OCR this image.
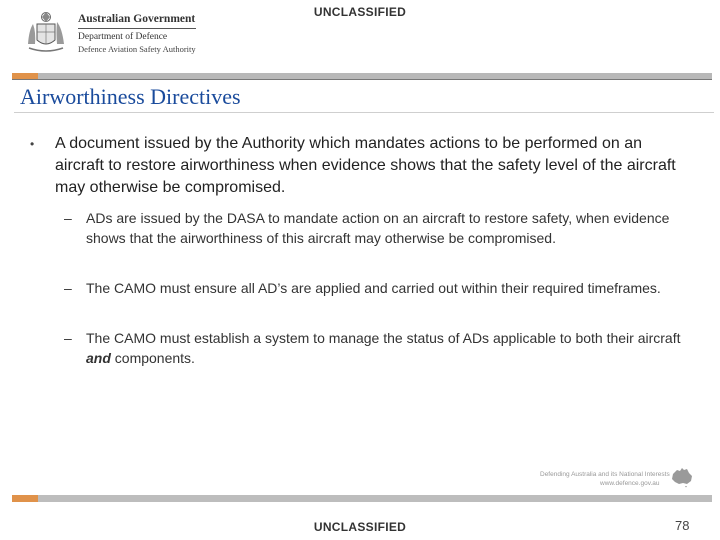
UNCLASSIFIED
Australian Government
Department of Defence
Defence Aviation Safety Authority
Airworthiness Directives
• A document issued by the Authority which mandates actions to be performed on an aircraft to restore airworthiness when evidence shows that the safety level of the aircraft may otherwise be compromised.
– ADs are issued by the DASA to mandate action on an aircraft to restore safety, when evidence shows that the airworthiness of this aircraft may otherwise be compromised.
– The CAMO must ensure all AD’s are applied and carried out within their required timeframes.
– The CAMO must establish a system to manage the status of ADs applicable to both their aircraft and components.
Defending Australia and its National Interests
www.defence.gov.au
UNCLASSIFIED	78
